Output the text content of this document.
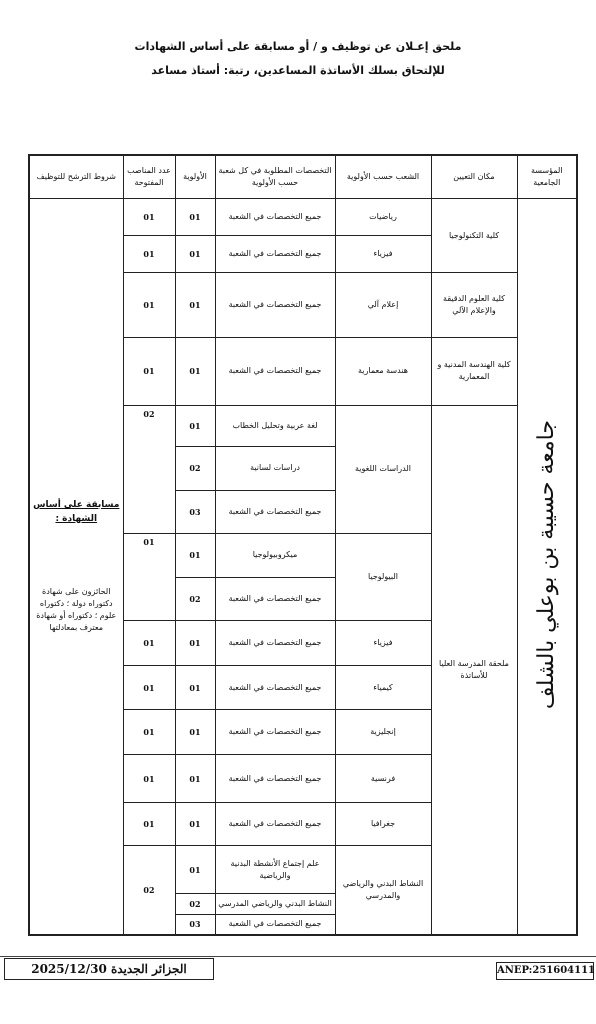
ملحق إعـلان عن توظيف و / أو مسابقة على أساس الشهادات
للإلتحاق بسلك الأساتذة المساعدين، رتبة: أستاذ مساعد
المؤسسة الجامعية	مكان التعيين	الشعب حسب الأولوية	التخصصات المطلوبة في كل شعبة حسب الأولوية	الأولوية	عدد المناصب المفتوحة	شروط الترشح للتوظيف
جامعة حسيبة بن بوعلي بالشلف	كلية التكنولوجيا	رياضيات	جميع التخصصات في الشعبة	01	01	مسابقة على أساس الشهادة :
الحائزون على شهادة دكتوراه دولة ؛ دكتوراه علوم ؛ دكتوراه أو شهادة معترف بمعادلتها

		فيزياء	جميع التخصصات في الشعبة	01	01	
	كلية العلوم الدقيقة والإعلام الآلي	إعلام آلي	جميع التخصصات في الشعبة	01	01	
	كلية الهندسة المدنية و المعمارية	هندسة معمارية	جميع التخصصات في الشعبة	01	01	
	ملحقة المدرسة العليا للأساتذة	الدراسات اللغوية	لغة عربية وتحليل الخطاب	01	02	
			دراسات لسانية	02		
			جميع التخصصات في الشعبة	03		
		البيولوجيا	ميكروبيولوجيا	01	01	
			جميع التخصصات في الشعبة	02		
		فيزياء	جميع التخصصات في الشعبة	01	01	
		كيمياء	جميع التخصصات في الشعبة	01	01	
		إنجليزية	جميع التخصصات في الشعبة	01	01	
		فرنسية	جميع التخصصات في الشعبة	01	01	
		جغرافيا	جميع التخصصات في الشعبة	01	01	
		النشاط البدني والرياضي والمدرسي	علم إجتماع الأنشطة البدنية والرياضية	01	02	
			النشاط البدني والرياضي المدرسي	02		
			جميع التخصصات في الشعبة	03		
الجزائر الجديدة 2025/12/30	ANEP:251604111
